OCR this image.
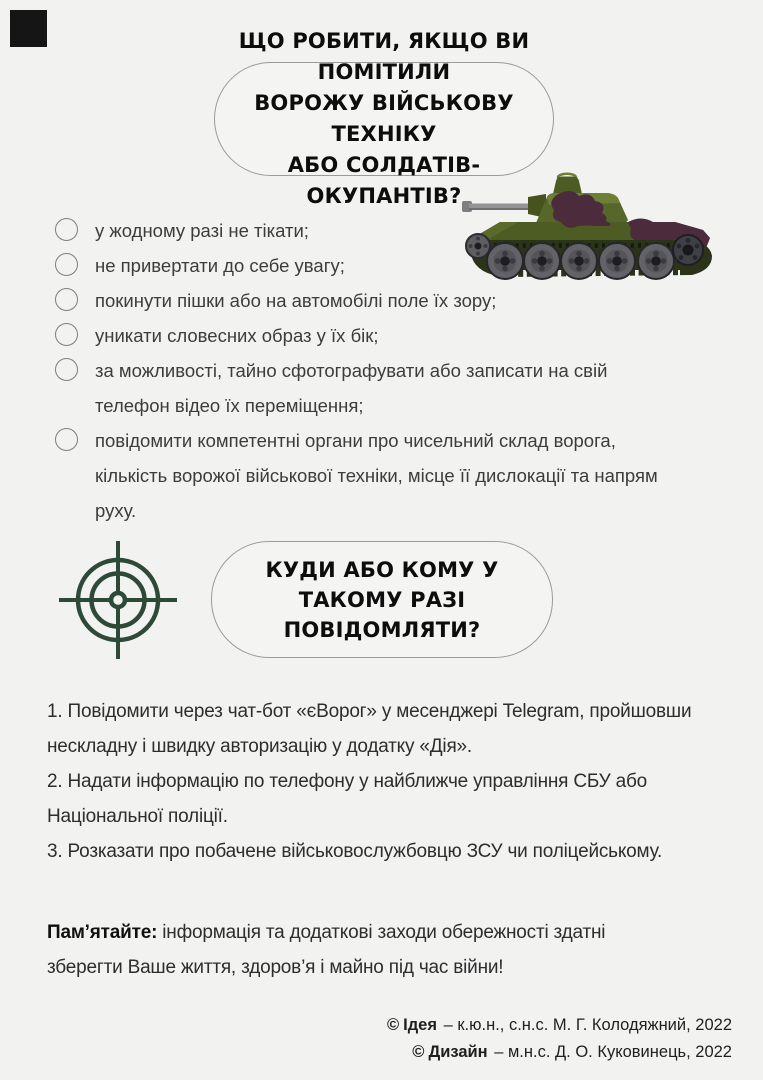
ЩО РОБИТИ, ЯКЩО ВИ ПОМІТИЛИ
ВОРОЖУ ВІЙСЬКОВУ ТЕХНІКУ
АБО СОЛДАТІВ-ОКУПАНТІВ?
у жодному разі не тікати;
не привертати до себе увагу;
покинути пішки або на автомобілі поле їх зору;
уникати словесних образ у їх бік;
за можливості, тайно сфотографувати або записати на свій телефон відео їх переміщення;
повідомити компетентні органи про чисельний склад ворога, кількість ворожої військової техніки, місце її дислокації та напрям руху.
КУДИ АБО КОМУ У ТАКОМУ РАЗІ
ПОВІДОМЛЯТИ?

1. Повідомити через чат-бот «єВорог» у месенджері Telegram, пройшовши нескладну і швидку авторизацію у додатку «Дія».

2. Надати інформацію по телефону у найближче управління СБУ або Національної поліції.

3. Розказати про побачене військовослужбовцю ЗСУ чи поліцейському.

Пам’ятайте: інформація та додаткові заходи обережності здатні зберегти Ваше життя, здоров’я і майно під час війни!

© Ідея – к.ю.н., с.н.с. М. Г. Колодяжний, 2022
© Дизайн – м.н.с. Д. О. Куковинець, 2022
